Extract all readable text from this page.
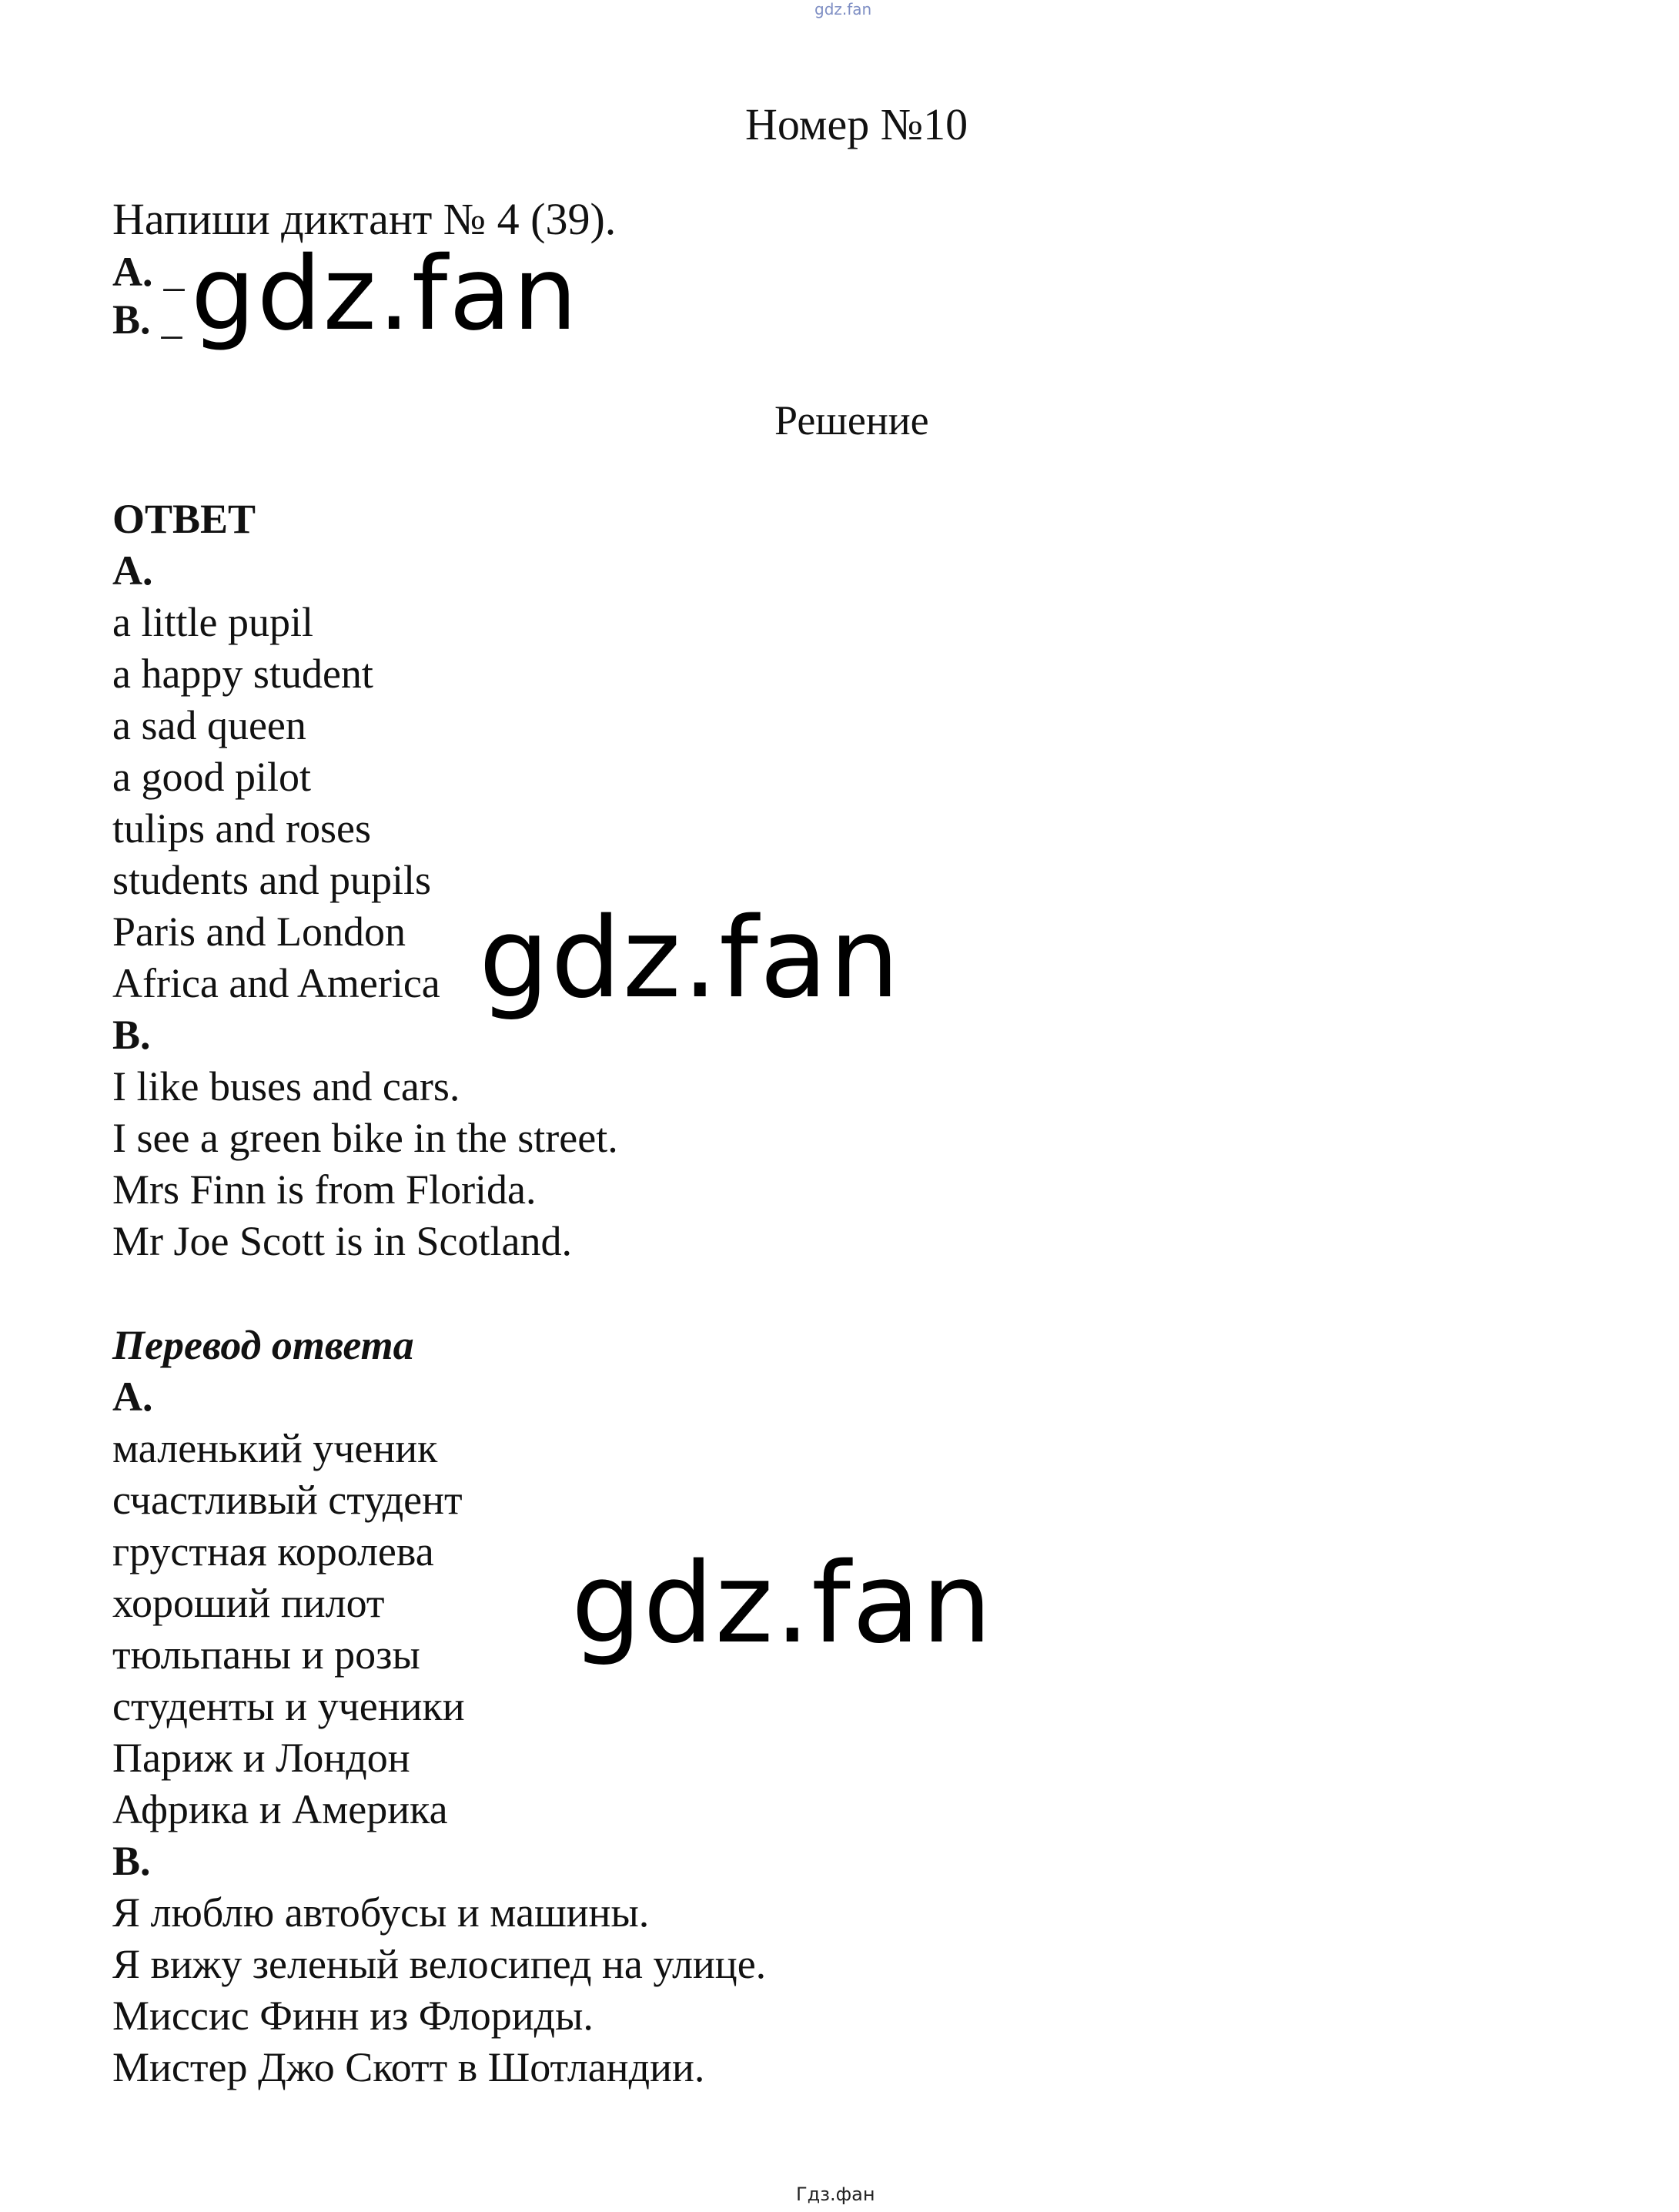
gdz.fan
Номер №10
Напиши диктант № 4 (39).
A. _
B. _ gdz.fan
Решение
ОТВЕТ
A.
a little pupil
a happy student
a sad queen
a good pilot
tulips and roses
students and pupils
Paris and London
Africa and America
B.
I like buses and cars.
I see a green bike in the street.
Mrs Finn is from Florida.
Mr Joe Scott is in Scotland.
gdz.fan
Перевод ответа
A.
маленький ученик
счастливый студент
грустная королева
хороший пилот
тюльпаны и розы
студенты и ученики
Париж и Лондон
Африка и Америка
B.
Я люблю автобусы и машины.
Я вижу зеленый велосипед на улице.
Миссис Финн из Флориды.
Мистер Джо Скотт в Шотландии.
gdz.fan
Гдз.фан
